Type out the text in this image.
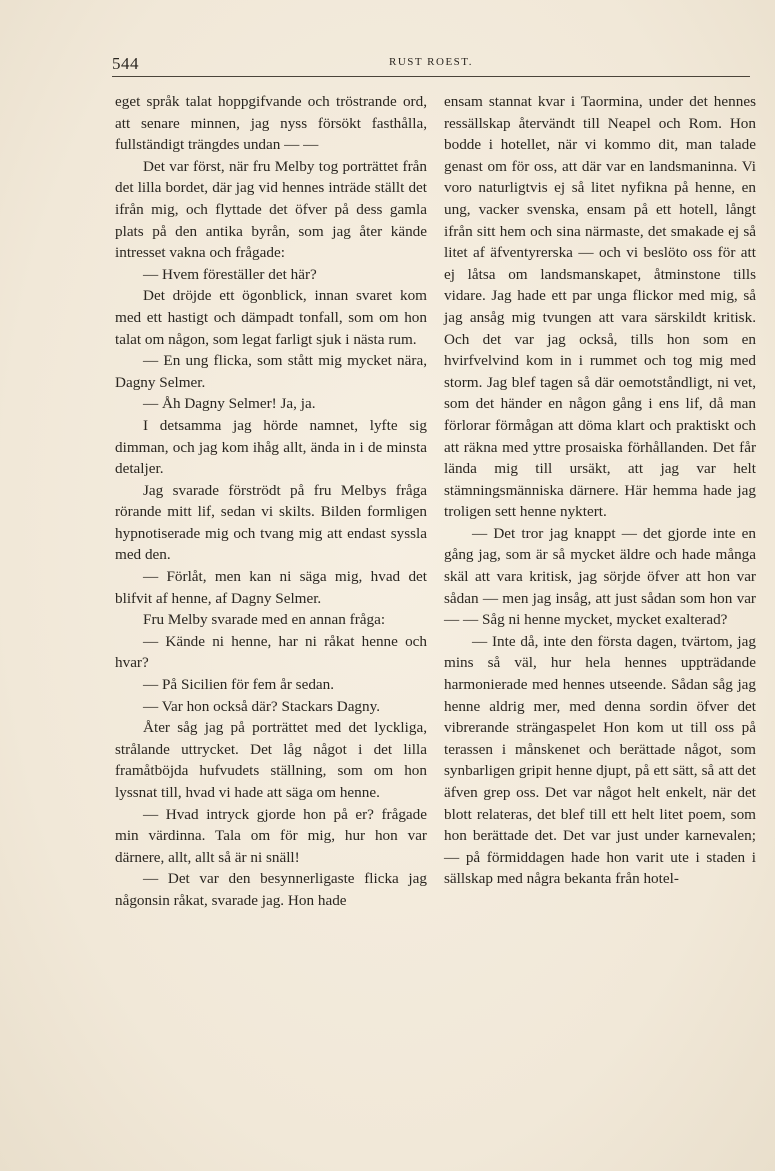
544	RUST ROEST.

eget språk talat hoppgifvande och tröstrande ord, att senare minnen, jag nyss försökt fasthålla, fullständigt trängdes undan — —

Det var först, när fru Melby tog porträttet från det lilla bordet, där jag vid hennes inträde ställt det ifrån mig, och flyttade det öfver på dess gamla plats på den antika byrån, som jag åter kände intresset vakna och frågade:

— Hvem föreställer det här?

Det dröjde ett ögonblick, innan svaret kom med ett hastigt och dämpadt tonfall, som om hon talat om någon, som legat farligt sjuk i nästa rum.

— En ung flicka, som stått mig mycket nära, Dagny Selmer.

— Åh Dagny Selmer! Ja, ja.

I detsamma jag hörde namnet, lyfte sig dimman, och jag kom ihåg allt, ända in i de minsta detaljer.

Jag svarade förströdt på fru Melbys fråga rörande mitt lif, sedan vi skilts. Bilden formligen hypnotiserade mig och tvang mig att endast syssla med den.

— Förlåt, men kan ni säga mig, hvad det blifvit af henne, af Dagny Selmer.

Fru Melby svarade med en annan fråga:

— Kände ni henne, har ni råkat henne och hvar?

— På Sicilien för fem år sedan.

— Var hon också där? Stackars Dagny.

Åter såg jag på porträttet med det lyckliga, strålande uttrycket. Det låg något i det lilla framåtböjda hufvudets ställning, som om hon lyssnat till, hvad vi hade att säga om henne.

— Hvad intryck gjorde hon på er? frågade min värdinna. Tala om för mig, hur hon var därnere, allt, allt så är ni snäll!

— Det var den besynnerligaste flicka jag någonsin råkat, svarade jag. Hon hade

ensam stannat kvar i Taormina, under det hennes ressällskap återvändt till Neapel och Rom. Hon bodde i hotellet, när vi kommo dit, man talade genast om för oss, att där var en landsmaninna. Vi voro naturligtvis ej så litet nyfikna på henne, en ung, vacker svenska, ensam på ett hotell, långt ifrån sitt hem och sina närmaste, det smakade ej så litet af äfventyrerska — och vi beslöto oss för att ej låtsa om landsmanskapet, åtminstone tills vidare. Jag hade ett par unga flickor med mig, så jag ansåg mig tvungen att vara särskildt kritisk. Och det var jag också, tills hon som en hvirfvelvind kom in i rummet och tog mig med storm. Jag blef tagen så där oemotståndligt, ni vet, som det händer en någon gång i ens lif, då man förlorar förmågan att döma klart och praktiskt och att räkna med yttre prosaiska förhållanden. Det får lända mig till ursäkt, att jag var helt stämningsmänniska därnere. Här hemma hade jag troligen sett henne nyktert.

— Det tror jag knappt — det gjorde inte en gång jag, som är så mycket äldre och hade många skäl att vara kritisk, jag sörjde öfver att hon var sådan — men jag insåg, att just sådan som hon var — — Såg ni henne mycket, mycket exalterad?

— Inte då, inte den första dagen, tvärtom, jag mins så väl, hur hela hennes uppträdande harmonierade med hennes utseende. Sådan såg jag henne aldrig mer, med denna sordin öfver det vibrerande strängaspelet Hon kom ut till oss på terassen i månskenet och berättade något, som synbarligen gripit henne djupt, på ett sätt, så att det äfven grep oss. Det var något helt enkelt, när det blott relateras, det blef till ett helt litet poem, som hon berättade det. Det var just under karnevalen; — på förmiddagen hade hon varit ute i staden i sällskap med några bekanta från hotel-
